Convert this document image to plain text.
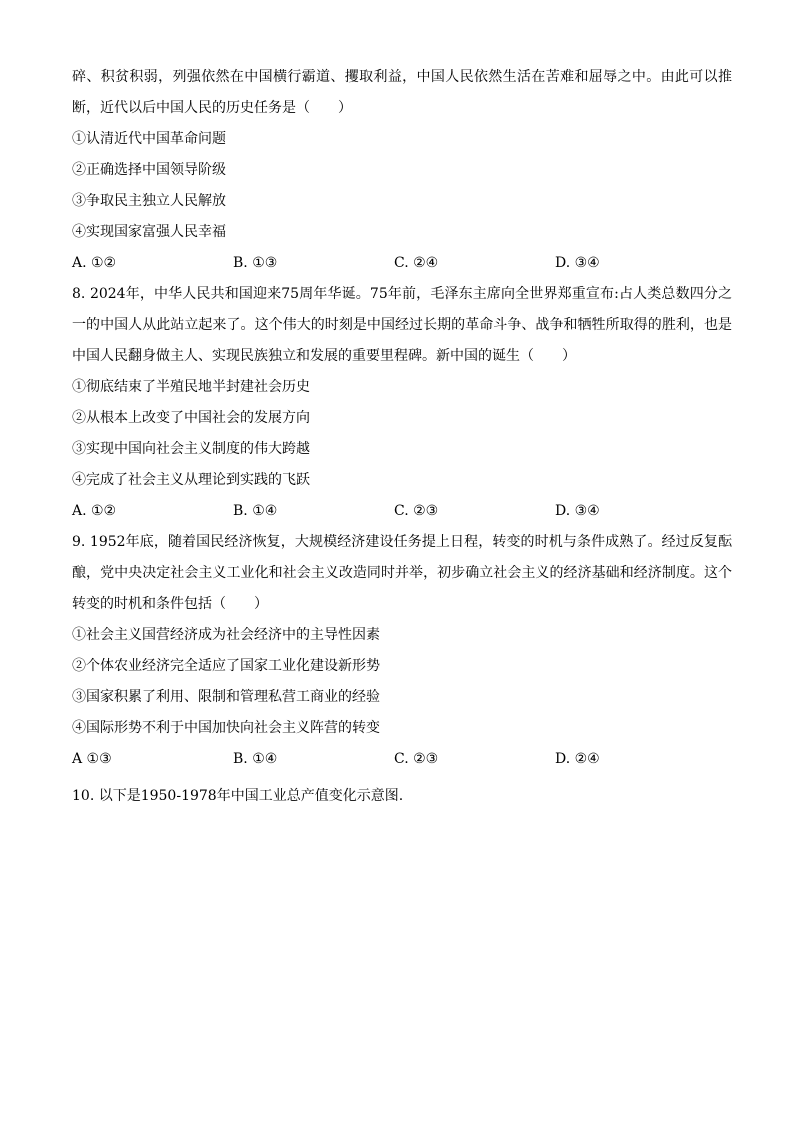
碎、积贫积弱，列强依然在中国横行霸道、攫取利益，中国人民依然生活在苦难和屈辱之中。由此可以推断，近代以后中国人民的历史任务是（　　）

①认清近代中国革命问题

②正确选择中国领导阶级

③争取民主独立人民解放

④实现国家富强人民幸福

A. ①②	B. ①③	C. ②④	D. ③④

8. 2024年，中华人民共和国迎来75周年华诞。75年前，毛泽东主席向全世界郑重宣布:占人类总数四分之一的中国人从此站立起来了。这个伟大的时刻是中国经过长期的革命斗争、战争和牺牲所取得的胜利，也是中国人民翻身做主人、实现民族独立和发展的重要里程碑。新中国的诞生（　　）

①彻底结束了半殖民地半封建社会历史

②从根本上改变了中国社会的发展方向

③实现中国向社会主义制度的伟大跨越

④完成了社会主义从理论到实践的飞跃

A. ①②	B. ①④	C. ②③	D. ③④

9. 1952年底，随着国民经济恢复，大规模经济建设任务提上日程，转变的时机与条件成熟了。经过反复酝酿，党中央决定社会主义工业化和社会主义改造同时并举，初步确立社会主义的经济基础和经济制度。这个转变的时机和条件包括（　　）

①社会主义国营经济成为社会经济中的主导性因素

②个体农业经济完全适应了国家工业化建设新形势

③国家积累了利用、限制和管理私营工商业的经验

④国际形势不利于中国加快向社会主义阵营的转变

A ①③	B. ①④	C. ②③	D. ②④

10. 以下是1950-1978年中国工业总产值变化示意图.
